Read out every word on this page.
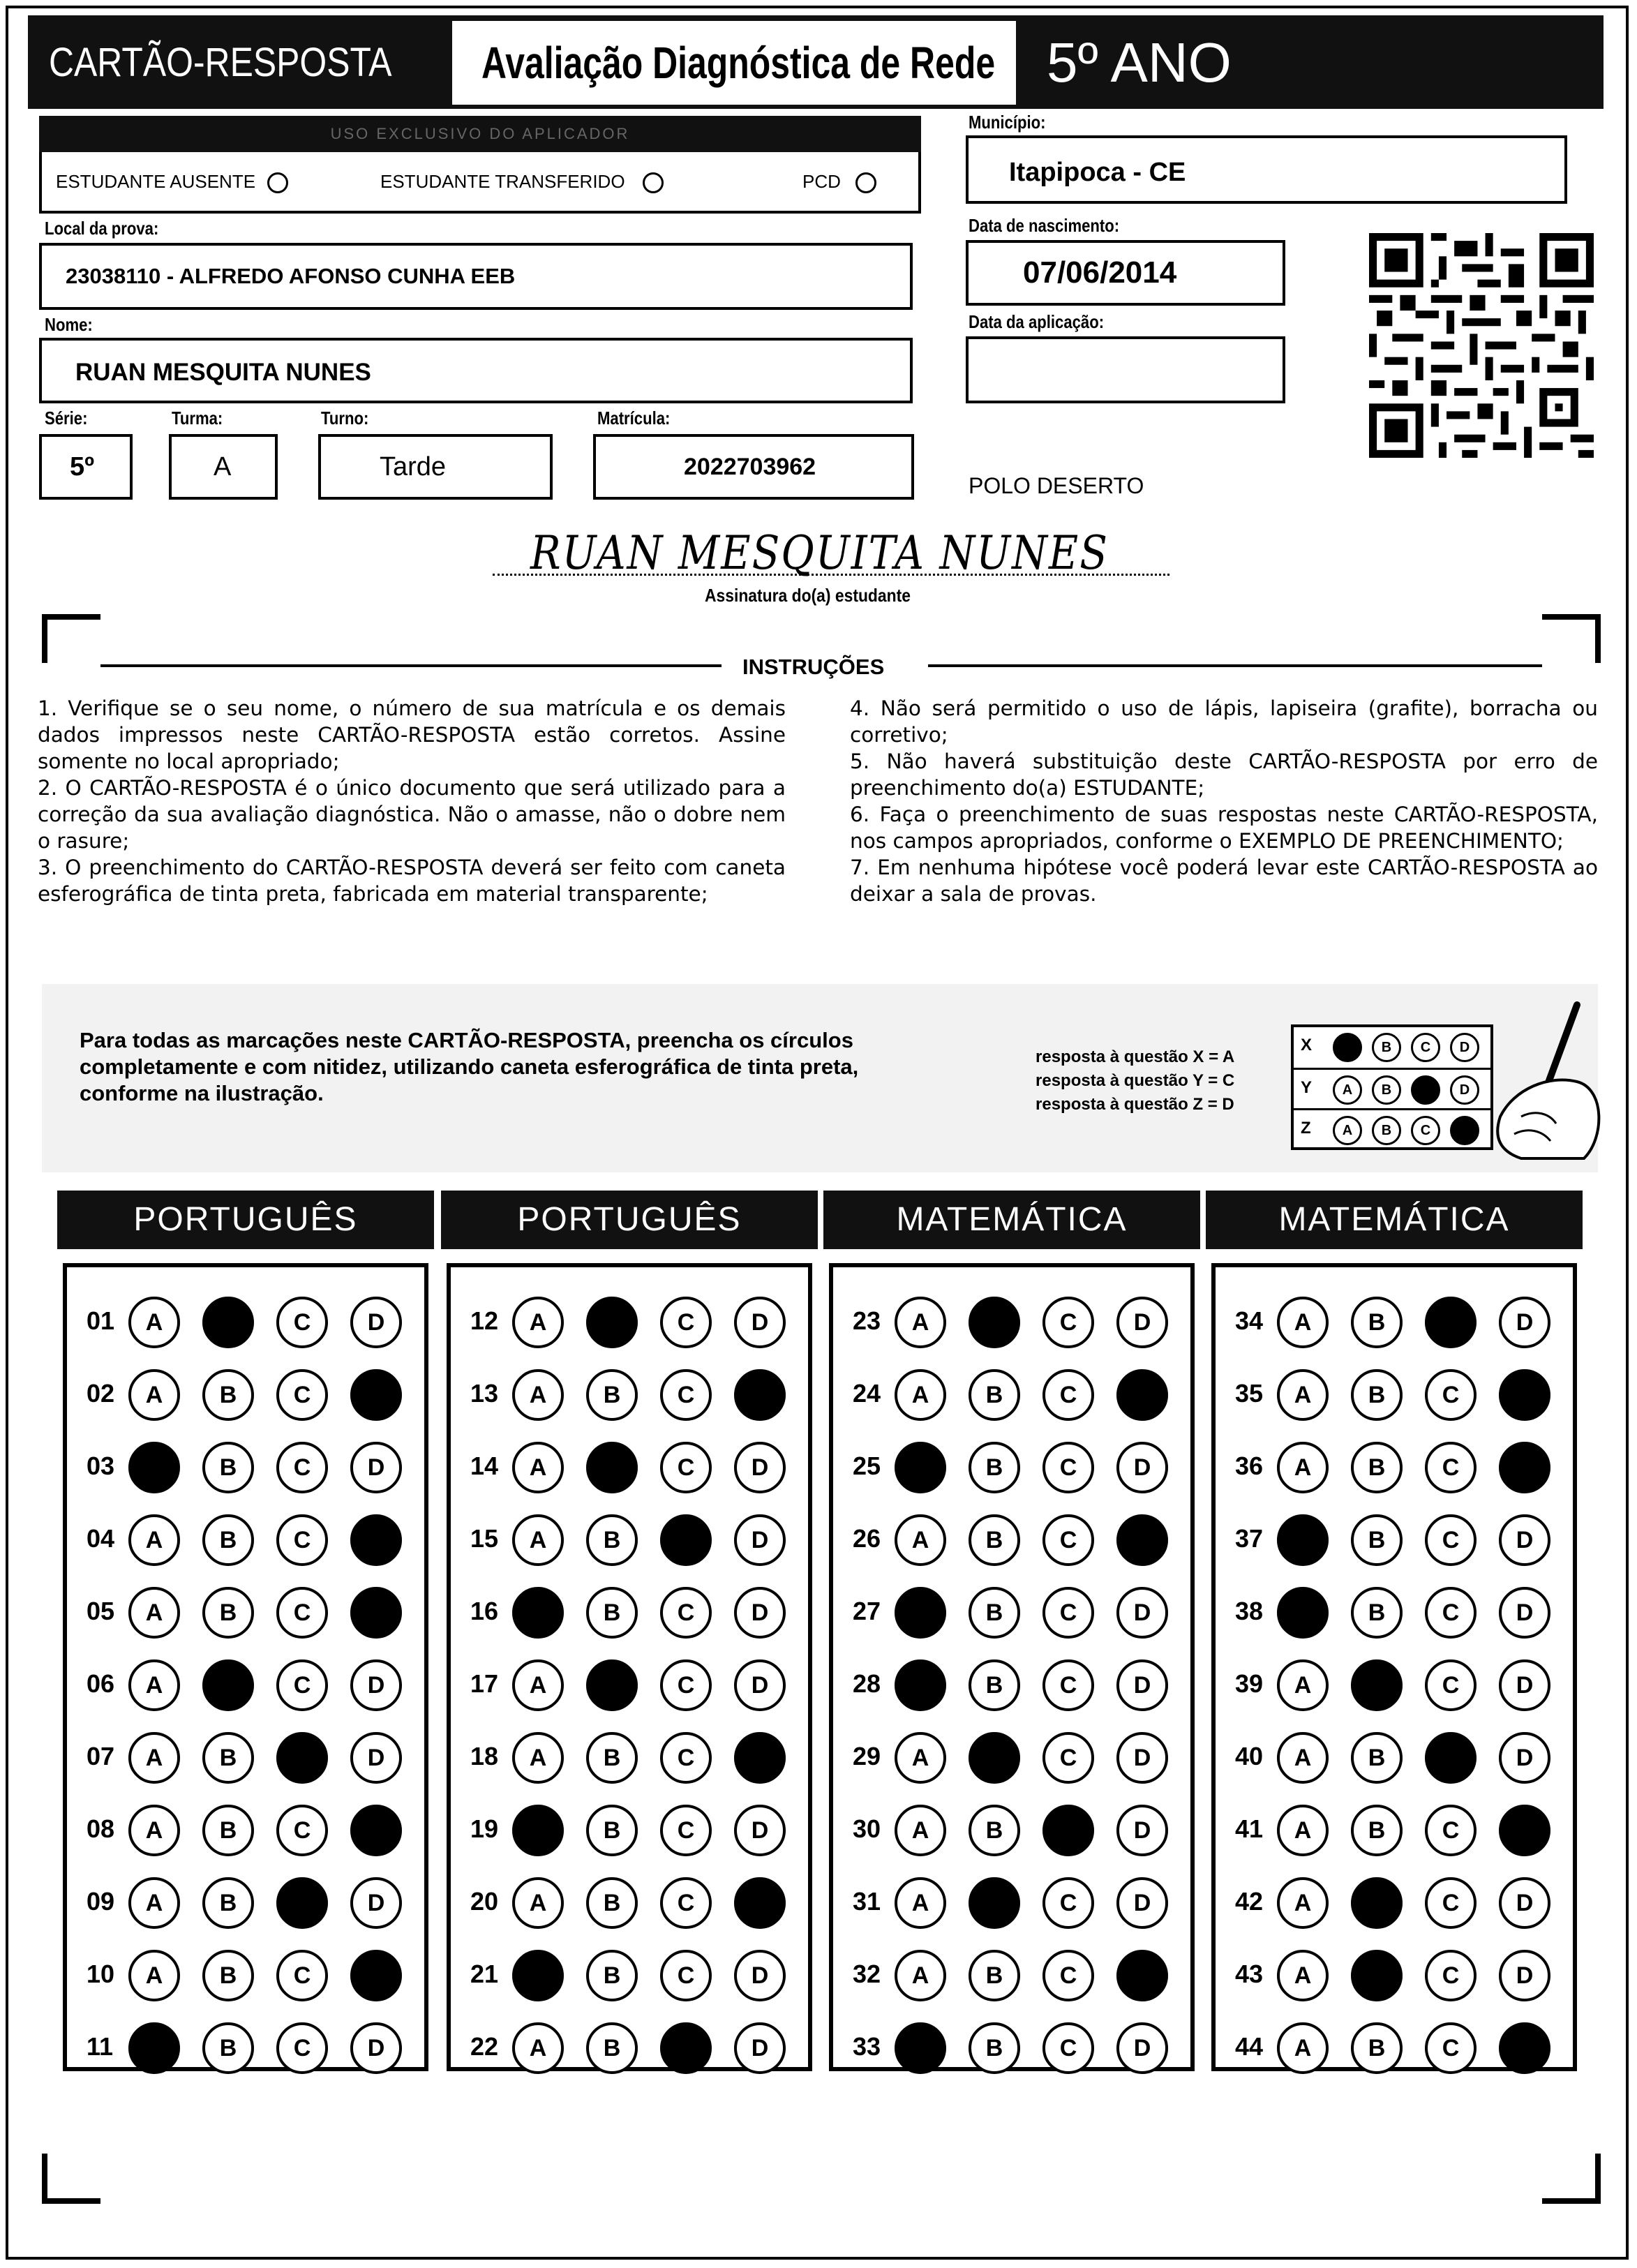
CARTÃO-RESPOSTA Avaliação Diagnóstica de Rede 5º ANO
USO EXCLUSIVO DO APLICADOR
ESTUDANTE AUSENTE	ESTUDANTE TRANSFERIDO	PCD
Município:
Itapipoca - CE
Local da prova:
23038110 - ALFREDO AFONSO CUNHA EEB
Data de nascimento:
07/06/2014
Nome:
RUAN MESQUITA NUNES
Data da aplicação:
Série:
5º
Turma:
A
Turno:
Tarde
Matrícula:
2022703962
POLO DESERTO
RUAN MESQUITA NUNES
Assinatura do(a) estudante
INSTRUÇÕES

1. Verifique se o seu nome, o número de sua matrícula e os demais dados impressos neste CARTÃO-RESPOSTA estão corretos. Assine somente no local apropriado;

2. O CARTÃO-RESPOSTA é o único documento que será utilizado para a correção da sua avaliação diagnóstica. Não o amasse, não o dobre nem o rasure;

3. O preenchimento do CARTÃO-RESPOSTA deverá ser feito com caneta esferográfica de tinta preta, fabricada em material transparente;

4. Não será permitido o uso de lápis, lapiseira (grafite), borracha ou corretivo;

5. Não haverá substituição deste CARTÃO-RESPOSTA por erro de preenchimento do(a) ESTUDANTE;

6. Faça o preenchimento de suas respostas neste CARTÃO-RESPOSTA, nos campos apropriados, conforme o EXEMPLO DE PREENCHIMENTO;

7. Em nenhuma hipótese você poderá levar este CARTÃO-RESPOSTA ao deixar a sala de provas.

Para todas as marcações neste CARTÃO-RESPOSTA, preencha os círculos completamente e com nitidez, utilizando caneta esferográfica de tinta preta, conforme na ilustração.
resposta à questão X = A
resposta à questão Y = C
resposta à questão Z = D
X	A	B	C	D
Y	A	B	C	D
Z	A	B	C	D
PORTUGUÊS
01	A	B	C	D
02	A	B	C	D
03	A	B	C	D
04	A	B	C	D
05	A	B	C	D
06	A	B	C	D
07	A	B	C	D
08	A	B	C	D
09	A	B	C	D
10	A	B	C	D
11	A	B	C	D
PORTUGUÊS
12	A	B	C	D
13	A	B	C	D
14	A	B	C	D
15	A	B	C	D
16	A	B	C	D
17	A	B	C	D
18	A	B	C	D
19	A	B	C	D
20	A	B	C	D
21	A	B	C	D
22	A	B	C	D
MATEMÁTICA
23	A	B	C	D
24	A	B	C	D
25	A	B	C	D
26	A	B	C	D
27	A	B	C	D
28	A	B	C	D
29	A	B	C	D
30	A	B	C	D
31	A	B	C	D
32	A	B	C	D
33	A	B	C	D
MATEMÁTICA
34	A	B	C	D
35	A	B	C	D
36	A	B	C	D
37	A	B	C	D
38	A	B	C	D
39	A	B	C	D
40	A	B	C	D
41	A	B	C	D
42	A	B	C	D
43	A	B	C	D
44	A	B	C	D
